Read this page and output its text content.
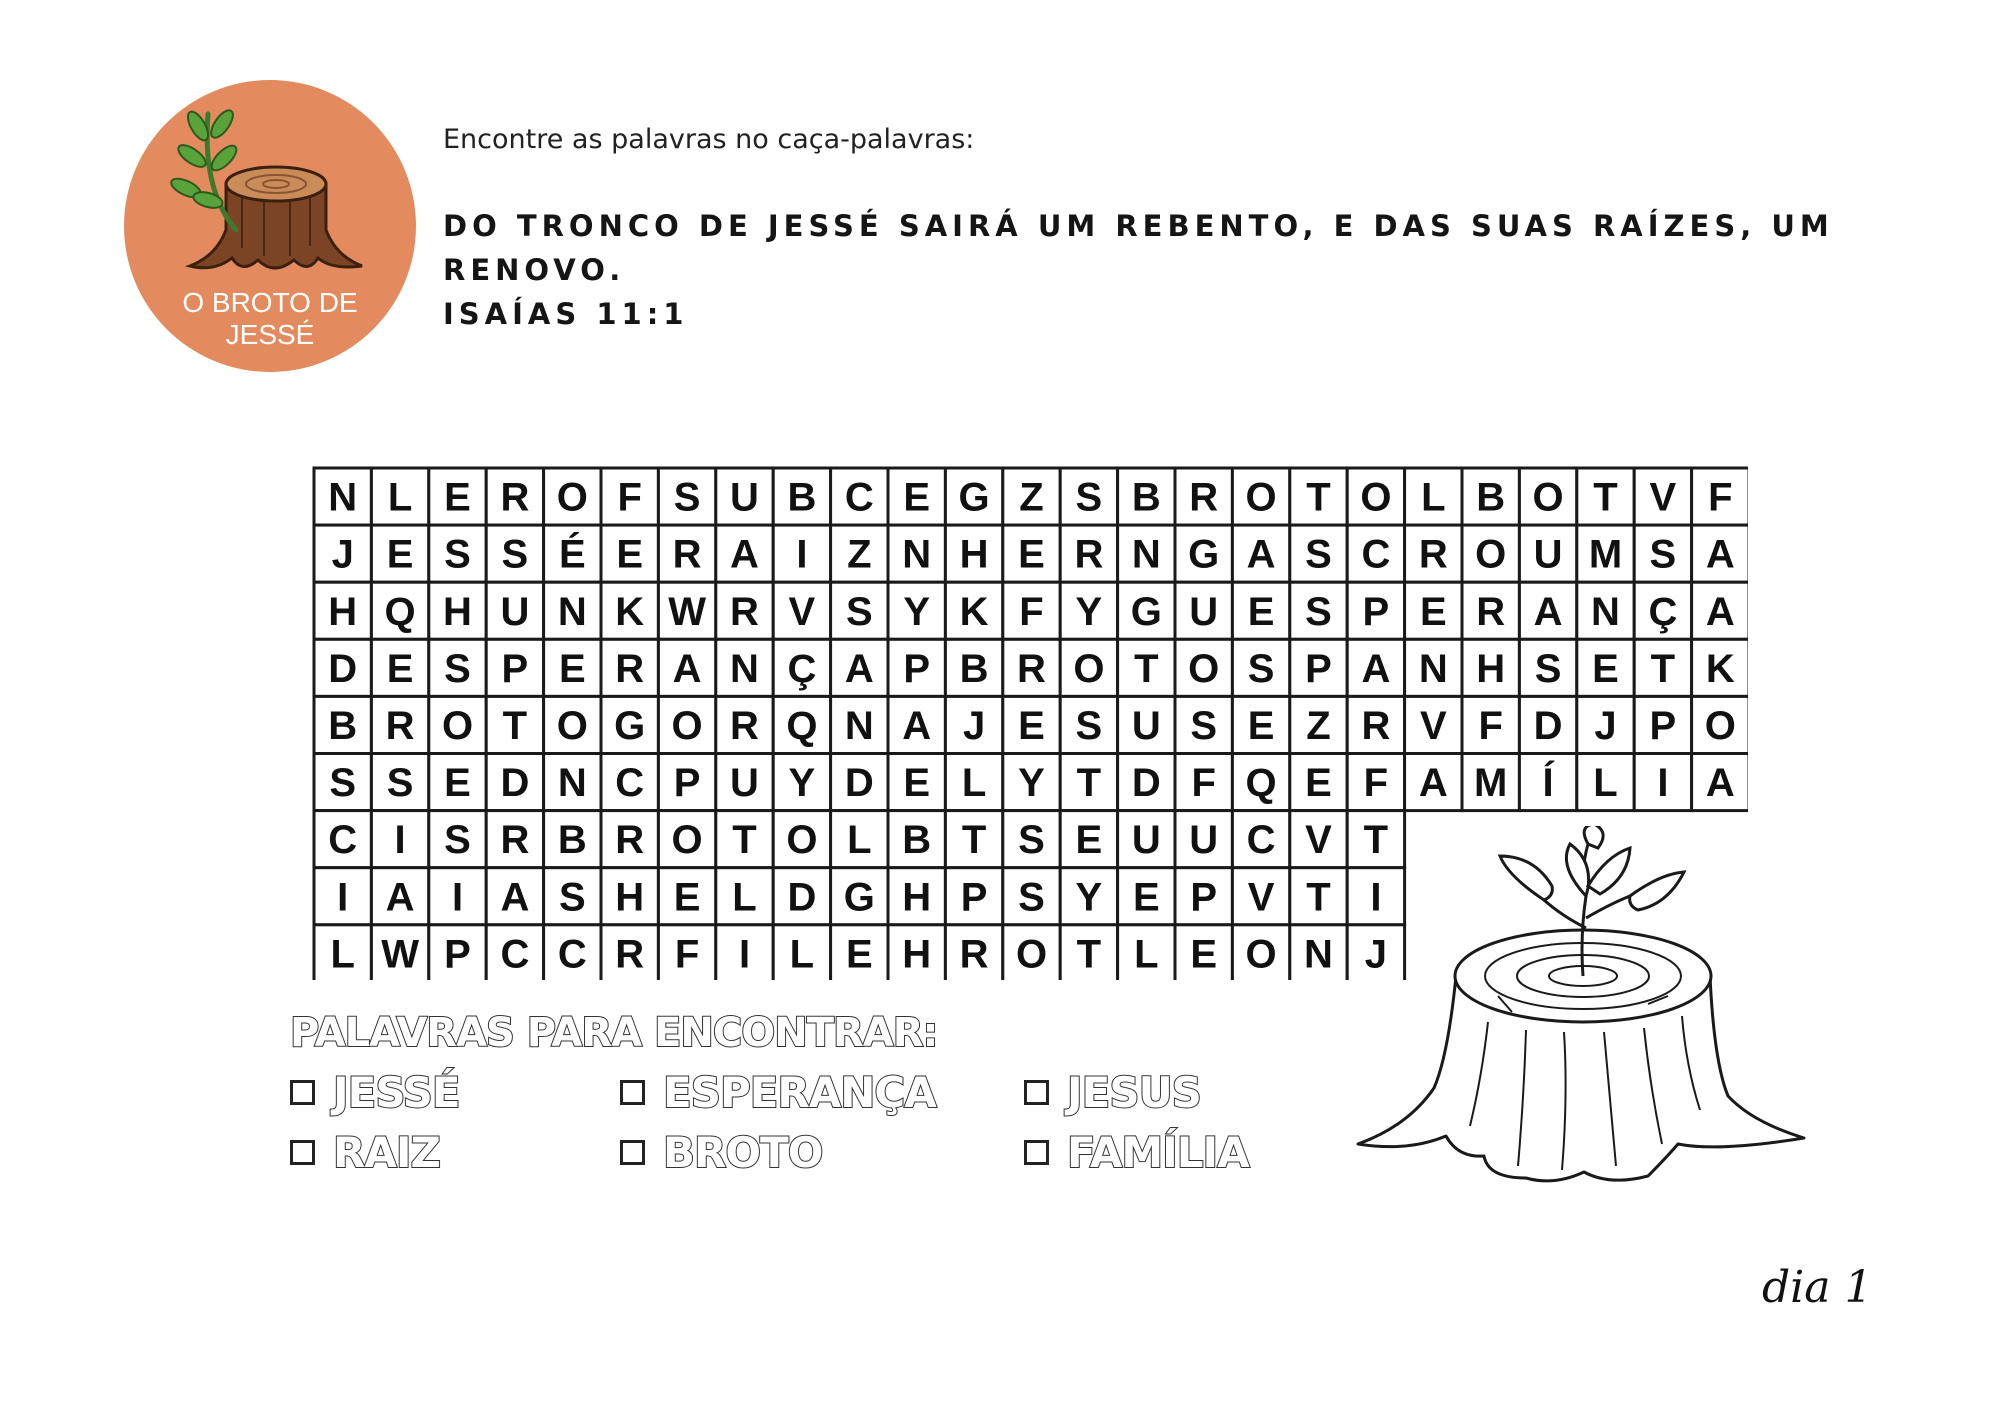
O BROTO DE
JESSÉ
Encontre as palavras no caça-palavras:
DO TRONCO DE JESSÉ SAIRÁ UM REBENTO, E DAS SUAS RAÍZES, UM RENOVO.
ISAÍAS 11:1
N L E R O F S U B C E G Z S B R O T O L B O T V F
J E S S É E R A I Z N H E R N G A S C R O U M S A
H Q H U N K W R V S Y K F Y G U E S P E R A N Ç A
D E S P E R A N Ç A P B R O T O S P A N H S E T K
B R O T O G O R Q N A J E S U S E Z R V F D J P O
S S E D N C P U Y D E L Y T D F Q E F A M Í L I A
C I S R B R O T O L B T S E U U C V T
I A I A S H E L D G H P S Y E P V T I
L W P C C R F I L E H R O T L E O N J
PALAVRAS PARA ENCONTRAR:
JESSÉ	ESPERANÇA	JESUS
RAIZ	BROTO	FAMÍLIA
dia 1
